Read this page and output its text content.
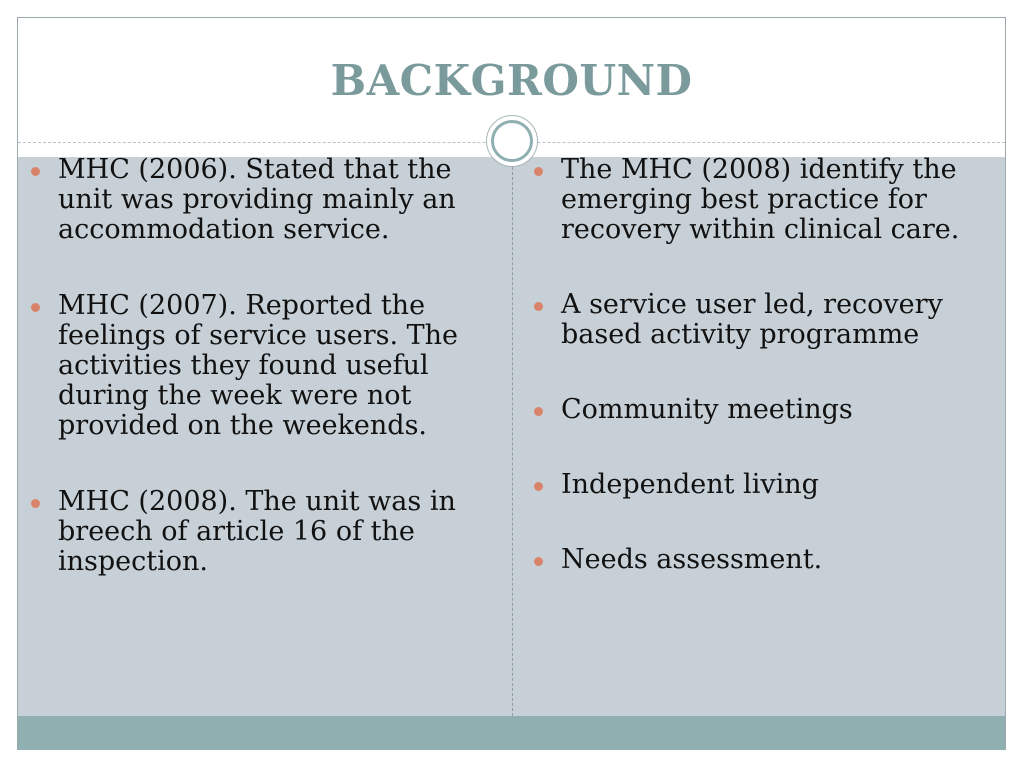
BACKGROUND
MHC (2006). Stated that the unit was providing mainly an accommodation service.
MHC (2007). Reported the feelings of service users. The activities they found useful during the week were not provided on the weekends.
MHC (2008). The unit was in breech of article 16 of the inspection.
The MHC (2008) identify the emerging best practice for recovery within clinical care.
A service user led, recovery based activity programme
Community meetings
Independent living
Needs assessment.
